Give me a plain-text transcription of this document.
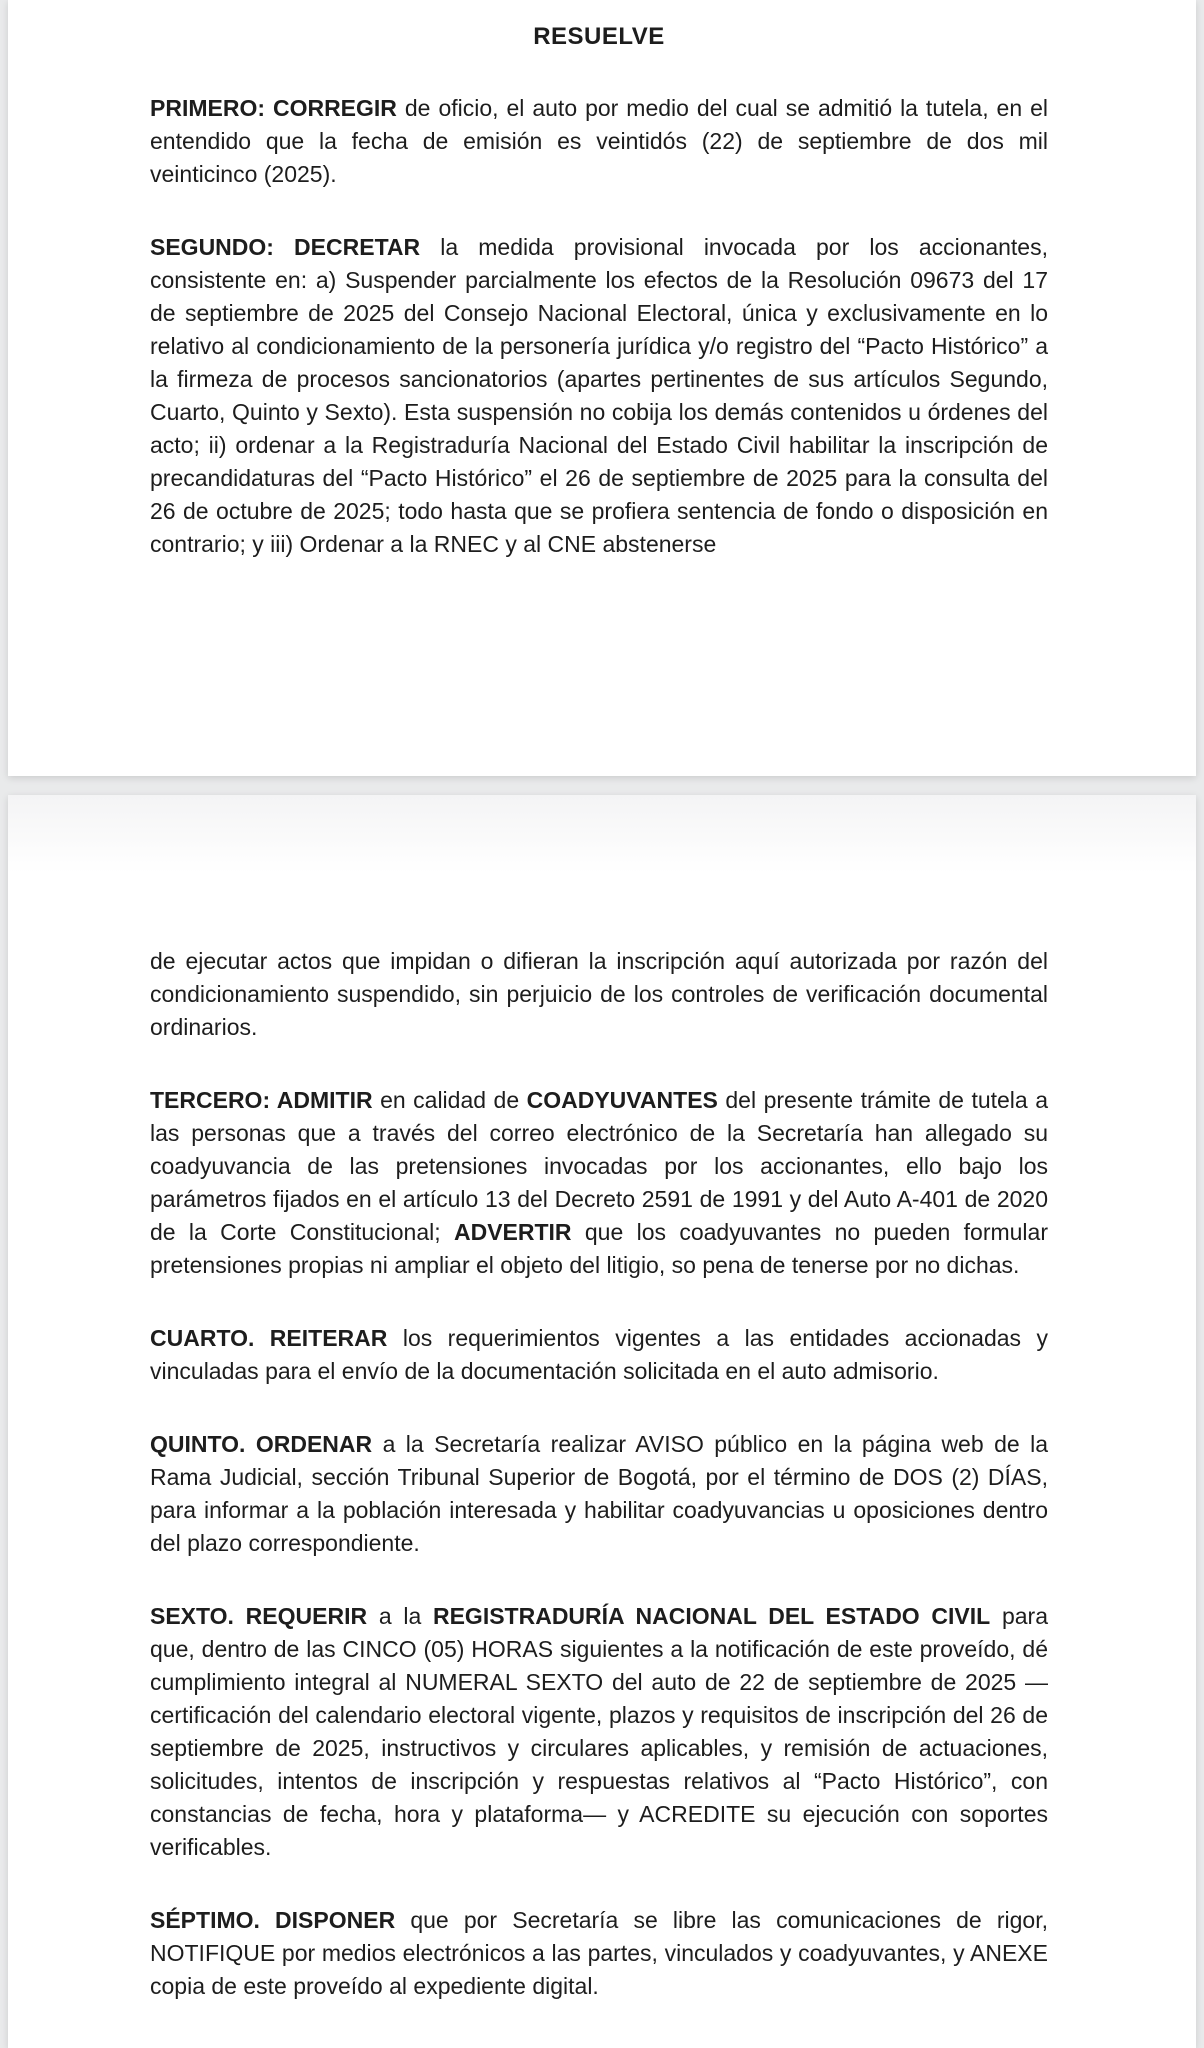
RESUELVE

PRIMERO: CORREGIR de oficio, el auto por medio del cual se admitió la tutela, en el entendido que la fecha de emisión es veintidós (22) de septiembre de dos mil veinticinco (2025).

SEGUNDO: DECRETAR la medida provisional invocada por los accionantes, consistente en: a) Suspender parcialmente los efectos de la Resolución 09673 del 17 de septiembre de 2025 del Consejo Nacional Electoral, única y exclusivamente en lo relativo al condicionamiento de la personería jurídica y/o registro del “Pacto Histórico” a la firmeza de procesos sancionatorios (apartes pertinentes de sus artículos Segundo, Cuarto, Quinto y Sexto). Esta suspensión no cobija los demás contenidos u órdenes del acto; ii) ordenar a la Registraduría Nacional del Estado Civil habilitar la inscripción de precandidaturas del “Pacto Histórico” el 26 de septiembre de 2025 para la consulta del 26 de octubre de 2025; todo hasta que se profiera sentencia de fondo o disposición en contrario; y iii) Ordenar a la RNEC y al CNE abstenerse

de ejecutar actos que impidan o difieran la inscripción aquí autorizada por razón del condicionamiento suspendido, sin perjuicio de los controles de verificación documental ordinarios.

TERCERO: ADMITIR en calidad de COADYUVANTES del presente trámite de tutela a las personas que a través del correo electrónico de la Secretaría han allegado su coadyuvancia de las pretensiones invocadas por los accionantes, ello bajo los parámetros fijados en el artículo 13 del Decreto 2591 de 1991 y del Auto A-401 de 2020 de la Corte Constitucional; ADVERTIR que los coadyuvantes no pueden formular pretensiones propias ni ampliar el objeto del litigio, so pena de tenerse por no dichas.

CUARTO. REITERAR los requerimientos vigentes a las entidades accionadas y vinculadas para el envío de la documentación solicitada en el auto admisorio.

QUINTO. ORDENAR a la Secretaría realizar AVISO público en la página web de la Rama Judicial, sección Tribunal Superior de Bogotá, por el término de DOS (2) DÍAS, para informar a la población interesada y habilitar coadyuvancias u oposiciones dentro del plazo correspondiente.

SEXTO. REQUERIR a la REGISTRADURÍA NACIONAL DEL ESTADO CIVIL para que, dentro de las CINCO (05) HORAS siguientes a la notificación de este proveído, dé cumplimiento integral al NUMERAL SEXTO del auto de 22 de septiembre de 2025 —certificación del calendario electoral vigente, plazos y requisitos de inscripción del 26 de septiembre de 2025, instructivos y circulares aplicables, y remisión de actuaciones, solicitudes, intentos de inscripción y respuestas relativos al “Pacto Histórico”, con constancias de fecha, hora y plataforma— y ACREDITE su ejecución con soportes verificables.

SÉPTIMO. DISPONER que por Secretaría se libre las comunicaciones de rigor, NOTIFIQUE por medios electrónicos a las partes, vinculados y coadyuvantes, y ANEXE copia de este proveído al expediente digital.
